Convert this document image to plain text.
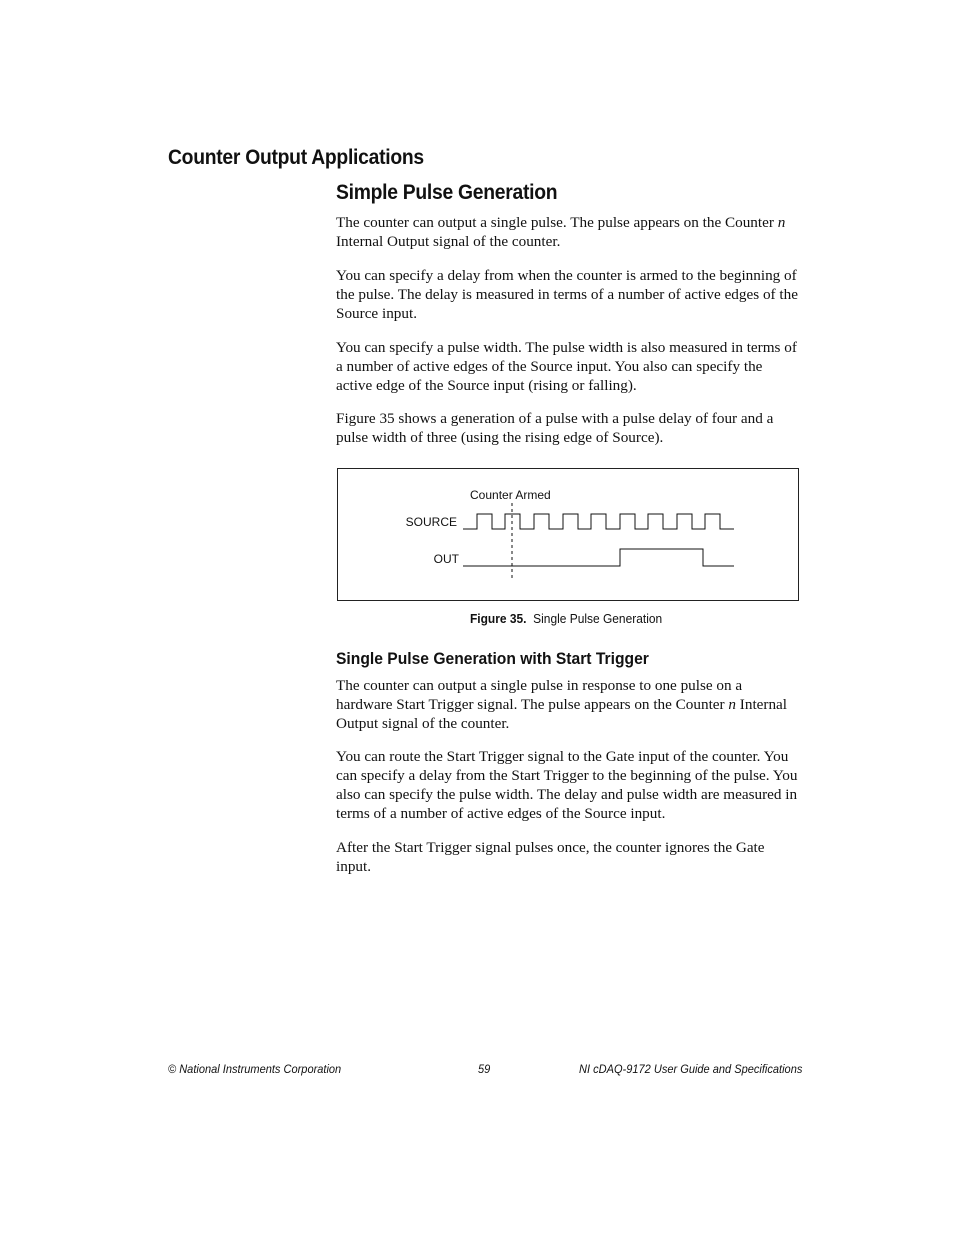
Counter Output Applications
Simple Pulse Generation

The counter can output a single pulse. The pulse appears on the Counter n Internal Output signal of the counter.

You can specify a delay from when the counter is armed to the beginning of the pulse. The delay is measured in terms of a number of active edges of the Source input.

You can specify a pulse width. The pulse width is also measured in terms of a number of active edges of the Source input. You also can specify the active edge of the Source input (rising or falling).

Figure 35 shows a generation of a pulse with a pulse delay of four and a pulse width of three (using the rising edge of Source).

Counter Armed
SOURCE
OUT
Figure 35. Single Pulse Generation
Single Pulse Generation with Start Trigger

The counter can output a single pulse in response to one pulse on a hardware Start Trigger signal. The pulse appears on the Counter n Internal Output signal of the counter.

You can route the Start Trigger signal to the Gate input of the counter. You can specify a delay from the Start Trigger to the beginning of the pulse. You also can specify the pulse width. The delay and pulse width are measured in terms of a number of active edges of the Source input.

After the Start Trigger signal pulses once, the counter ignores the Gate input.

© National Instruments Corporation	59	NI cDAQ-9172 User Guide and Specifications
